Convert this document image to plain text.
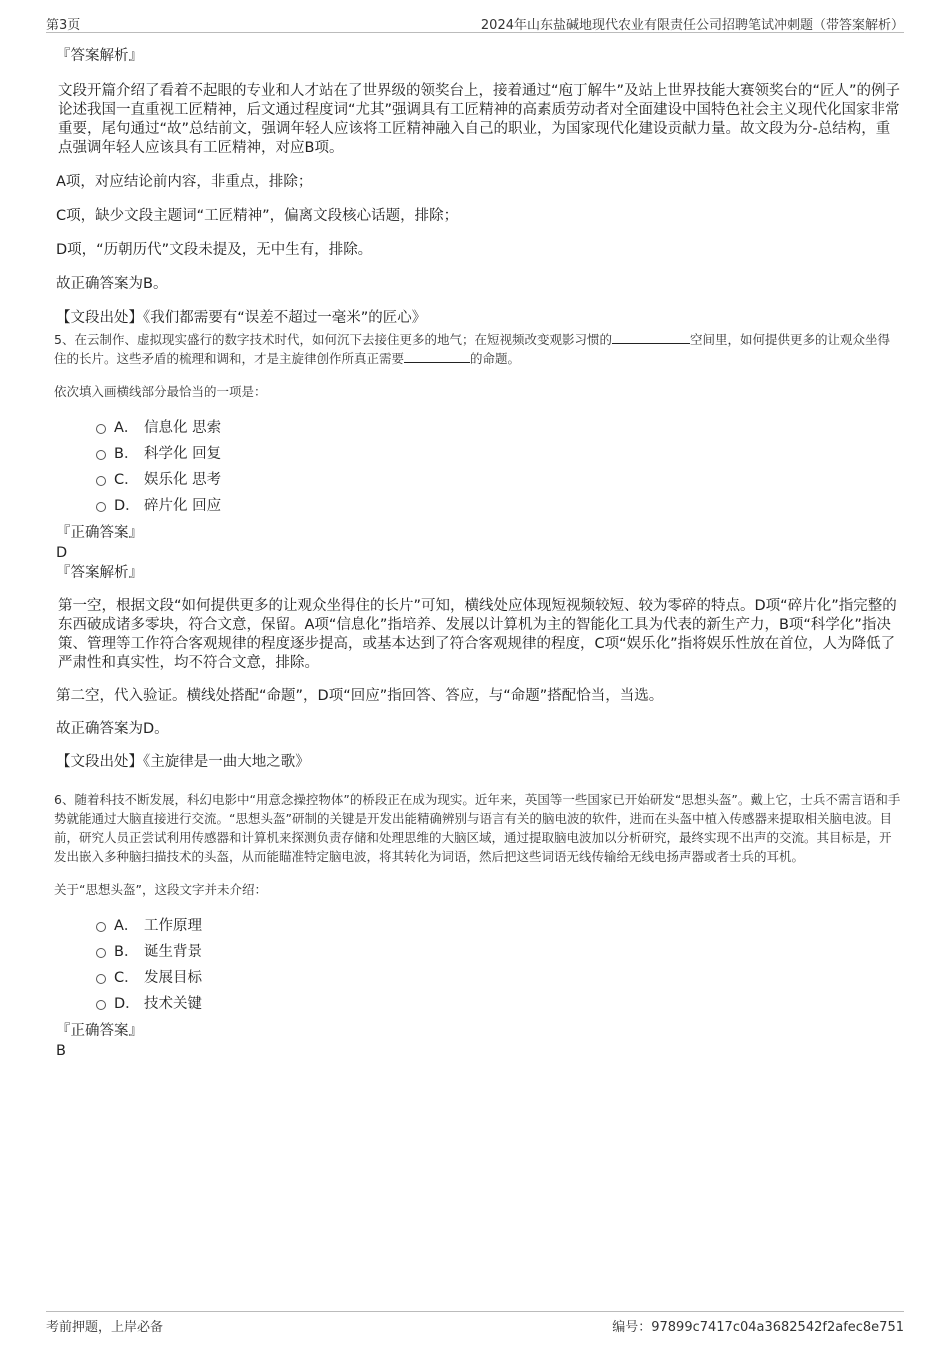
第3页	2024年山东盐碱地现代农业有限责任公司招聘笔试冲刺题（带答案解析）
『答案解析』

文段开篇介绍了看着不起眼的专业和人才站在了世界级的领奖台上，接着通过“庖丁解牛”及站上世界技能大赛领奖台的“匠人”的例子论述我国一直重视工匠精神，后文通过程度词“尤其”强调具有工匠精神的高素质劳动者对全面建设中国特色社会主义现代化国家非常重要，尾句通过“故”总结前文，强调年轻人应该将工匠精神融入自己的职业，为国家现代化建设贡献力量。故文段为分-总结构，重点强调年轻人应该具有工匠精神，对应B项。

A项，对应结论前内容，非重点，排除；

C项，缺少文段主题词“工匠精神”，偏离文段核心话题，排除；

D项，“历朝历代”文段未提及，无中生有，排除。

故正确答案为B。

【文段出处】《我们都需要有“误差不超过一毫米”的匠心》

5、在云制作、虚拟现实盛行的数字技术时代，如何沉下去接住更多的地气；在短视频改变观影习惯的	空间里，如何提供更多的让观众坐得住的长片。这些矛盾的梳理和调和，才是主旋律创作所真正需要	的命题。

依次填入画横线部分最恰当的一项是：

A． 信息化 思索
B． 科学化 回复
C． 娱乐化 思考
D． 碎片化 回应
『正确答案』
D
『答案解析』

第一空，根据文段“如何提供更多的让观众坐得住的长片”可知，横线处应体现短视频较短、较为零碎的特点。D项“碎片化”指完整的东西破成诸多零块，符合文意，保留。A项“信息化”指培养、发展以计算机为主的智能化工具为代表的新生产力，B项“科学化”指决策、管理等工作符合客观规律的程度逐步提高，或基本达到了符合客观规律的程度，C项“娱乐化”指将娱乐性放在首位，人为降低了严肃性和真实性，均不符合文意，排除。

第二空，代入验证。横线处搭配“命题”，D项“回应”指回答、答应，与“命题”搭配恰当，当选。

故正确答案为D。

【文段出处】《主旋律是一曲大地之歌》

6、随着科技不断发展，科幻电影中“用意念操控物体”的桥段正在成为现实。近年来，英国等一些国家已开始研发“思想头盔”。戴上它，士兵不需言语和手势就能通过大脑直接进行交流。“思想头盔”研制的关键是开发出能精确辨别与语言有关的脑电波的软件，进而在头盔中植入传感器来提取相关脑电波。目前，研究人员正尝试利用传感器和计算机来探测负责存储和处理思维的大脑区域，通过提取脑电波加以分析研究，最终实现不出声的交流。其目标是，开发出嵌入多种脑扫描技术的头盔，从而能瞄准特定脑电波，将其转化为词语，然后把这些词语无线传输给无线电扬声器或者士兵的耳机。

关于“思想头盔”，这段文字并未介绍：

A． 工作原理
B． 诞生背景
C． 发展目标
D． 技术关键
『正确答案』
B
考前押题，上岸必备	编号：97899c7417c04a3682542f2afec8e751
